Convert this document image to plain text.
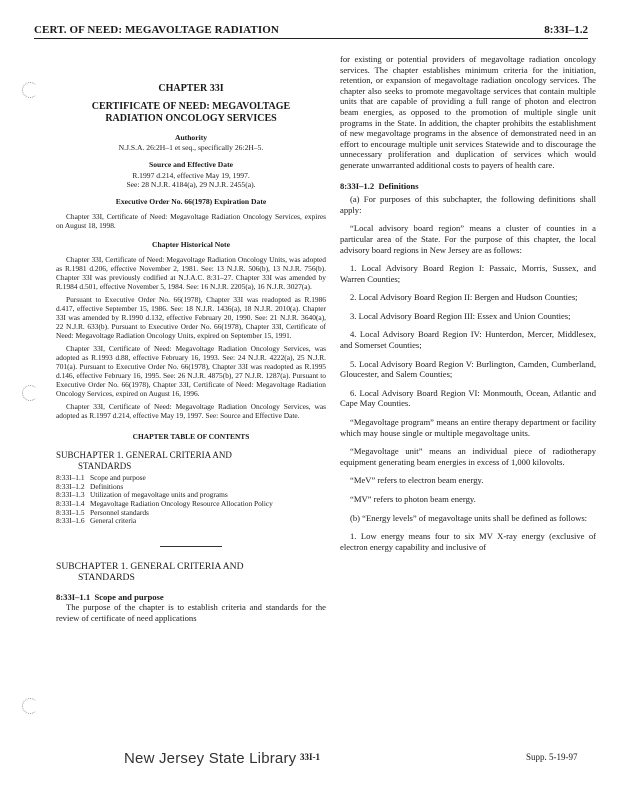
CERT. OF NEED: MEGAVOLTAGE RADIATION	8:33I–1.2
CHAPTER 33I
CERTIFICATE OF NEED: MEGAVOLTAGE
RADIATION ONCOLOGY SERVICES
Authority
N.J.S.A. 26:2H–1 et seq., specifically 26:2H–5.
Source and Effective Date
R.1997 d.214, effective May 19, 1997.
See: 28 N.J.R. 4184(a), 29 N.J.R. 2455(a).
Executive Order No. 66(1978) Expiration Date

Chapter 33I, Certificate of Need: Megavoltage Radiation Oncology Services, expires on August 18, 1998.

Chapter Historical Note

Chapter 33I, Certificate of Need: Megavoltage Radiation Oncology Units, was adopted as R.1981 d.206, effective November 2, 1981. See: 13 N.J.R. 506(b), 13 N.J.R. 756(b). Chapter 33I was previously codified at N.J.A.C. 8:31–27. Chapter 33I was amended by R.1984 d.501, effective November 5, 1984. See: 16 N.J.R. 2205(a), 16 N.J.R. 3027(a).

Pursuant to Executive Order No. 66(1978), Chapter 33I was readopted as R.1986 d.417, effective September 15, 1986. See: 18 N.J.R. 1436(a), 18 N.J.R. 2010(a). Chapter 33I was amended by R.1990 d.132, effective February 20, 1990. See: 21 N.J.R. 3640(a), 22 N.J.R. 633(b). Pursuant to Executive Order No. 66(1978), Chapter 33I, Certificate of Need: Megavoltage Radiation Oncology Units, expired on September 15, 1991.

Chapter 33I, Certificate of Need: Megavoltage Radiation Oncology Services, was adopted as R.1993 d.88, effective February 16, 1993. See: 24 N.J.R. 4222(a), 25 N.J.R. 701(a). Pursuant to Executive Order No. 66(1978), Chapter 33I was readopted as R.1995 d.146, effective February 16, 1995. See: 26 N.J.R. 4875(b), 27 N.J.R. 1287(a). Pursuant to Executive Order No. 66(1978), Chapter 33I, Certificate of Need: Megavoltage Radiation Oncology Services, expired on August 16, 1996.

Chapter 33I, Certificate of Need: Megavoltage Radiation Oncology Services, was adopted as R.1997 d.214, effective May 19, 1997. See: Source and Effective Date.

CHAPTER TABLE OF CONTENTS
SUBCHAPTER 1. GENERAL CRITERIA AND
STANDARDS
8:33I–1.1 Scope and purpose
8:33I–1.2 Definitions
8:33I–1.3 Utilization of megavoltage units and programs
8:33I–1.4 Megavoltage Radiation Oncology Resource Allocation Policy
8:33I–1.5 Personnel standards
8:33I–1.6 General criteria
SUBCHAPTER 1. GENERAL CRITERIA AND
STANDARDS
8:33I–1.1 Scope and purpose

The purpose of the chapter is to establish criteria and standards for the review of certificate of need applications

for existing or potential providers of megavoltage radiation oncology services. The chapter establishes minimum criteria for the initiation, retention, or expansion of megavoltage radiation oncology services. The chapter also seeks to promote megavoltage services that contain multiple units that are capable of providing a full range of photon and electron beam energies, as opposed to the promotion of multiple single unit programs in the State. In addition, the chapter prohibits the establishment of new megavoltage programs in the absence of demonstrated need in an effort to encourage multiple unit services Statewide and to discourage the unnecessary proliferation and duplication of services which would generate unwarranted additional costs to payers of health care.

8:33I–1.2 Definitions

(a) For purposes of this subchapter, the following definitions shall apply:

“Local advisory board region” means a cluster of counties in a particular area of the State. For the purpose of this chapter, the local advisory board regions in New Jersey are as follows:

1. Local Advisory Board Region I: Passaic, Morris, Sussex, and Warren Counties;

2. Local Advisory Board Region II: Bergen and Hudson Counties;

3. Local Advisory Board Region III: Essex and Union Counties;

4. Local Advisory Board Region IV: Hunterdon, Mercer, Middlesex, and Somerset Counties;

5. Local Advisory Board Region V: Burlington, Camden, Cumberland, Gloucester, and Salem Counties;

6. Local Advisory Board Region VI: Monmouth, Ocean, Atlantic and Cape May Counties.

“Megavoltage program” means an entire therapy department or facility which may house single or multiple megavoltage units.

“Megavoltage unit” means an individual piece of radiotherapy equipment generating beam energies in excess of 1,000 kilovolts.

“MeV” refers to electron beam energy.

“MV” refers to photon beam energy.

(b) “Energy levels” of megavoltage units shall be defined as follows:

1. Low energy means four to six MV X-ray energy (exclusive of electron energy capability and inclusive of

New Jersey State Library 33I-1	Supp. 5-19-97
